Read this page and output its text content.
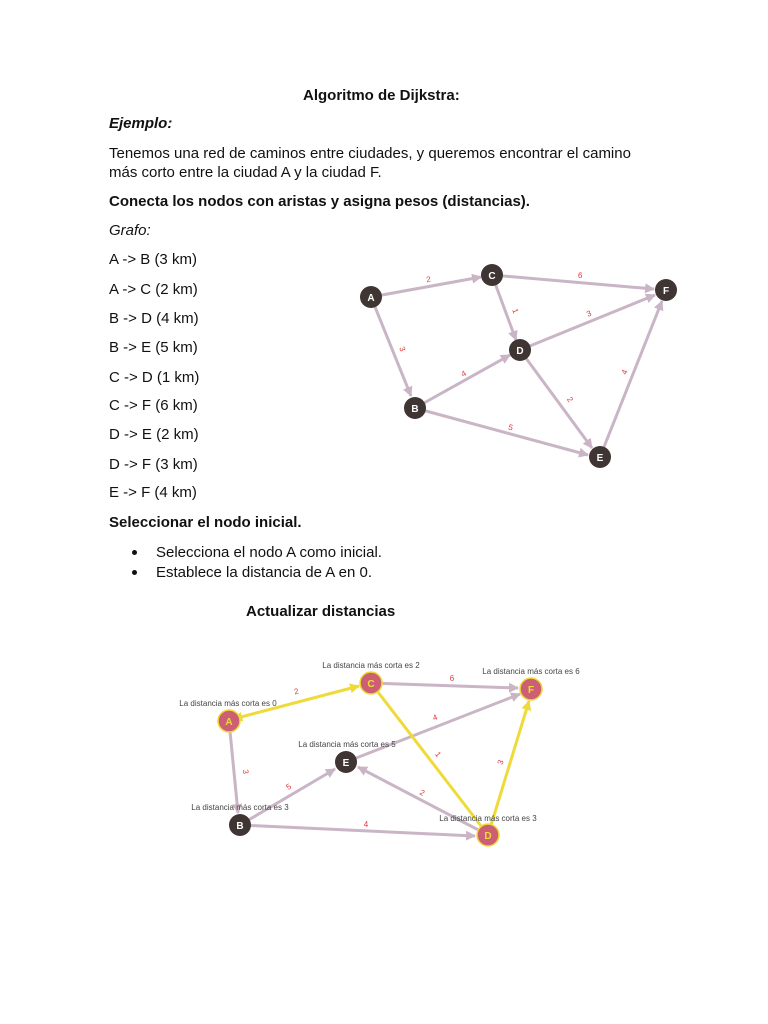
Algoritmo de Dijkstra:
Ejemplo:
Tenemos una red de caminos entre ciudades, y queremos encontrar el camino
más corto entre la ciudad A y la ciudad F.
Conecta los nodos con aristas y asigna pesos (distancias).
Grafo:
A -> B (3 km)
A -> C (2 km)
B -> D (4 km)
B -> E (5 km)
C -> D (1 km)
C -> F (6 km)
D -> E (2 km)
D -> F (3 km)
E -> F (4 km)
Seleccionar el nodo inicial.
Selecciona el nodo A como inicial.
Establece la distancia de A en 0.
Actualizar distancias
2
3
6
1	3
4
2
5
4
A
C
F
D
B
E
2
3
6
1
4
5
2
4
3
La distancia más corta es 0
La distancia más corta es 2
La distancia más corta es 6
La distancia más corta es 5
La distancia más corta es 3
La distancia más corta es 3
A
C
F
D
E
B
